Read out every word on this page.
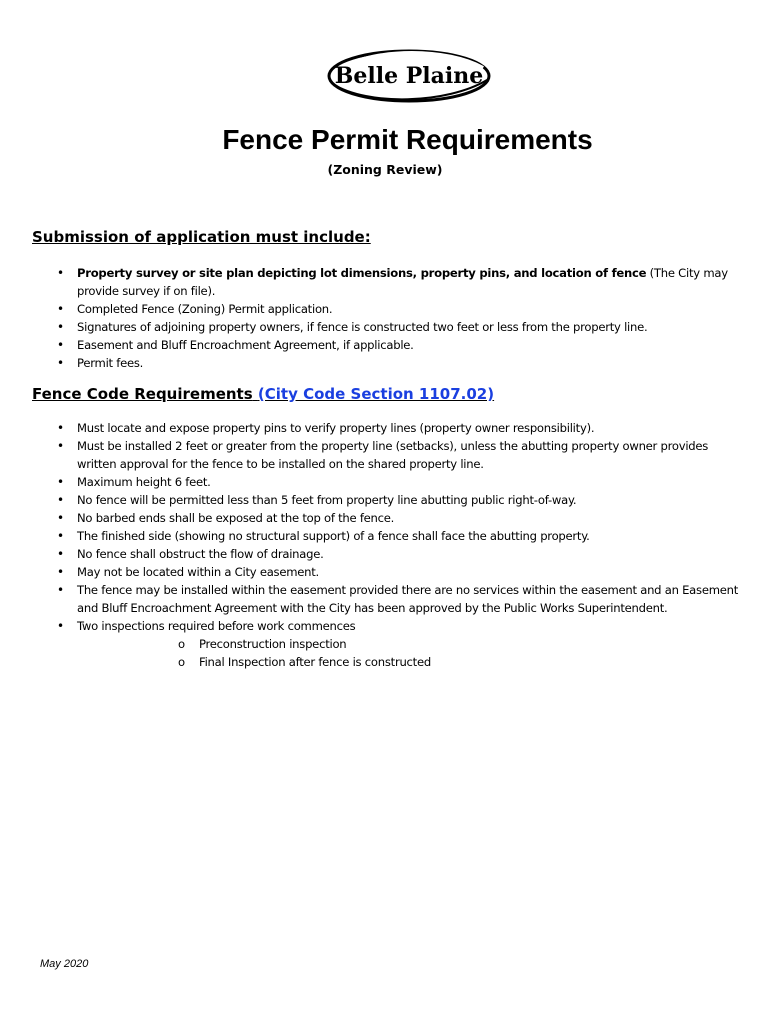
Belle Plaine
Fence Permit Requirements
(Zoning Review)
Submission of application must include:
• Property survey or site plan depicting lot dimensions, property pins, and location of fence (The City may provide survey if on file).
• Completed Fence (Zoning) Permit application.
• Signatures of adjoining property owners, if fence is constructed two feet or less from the property line.
• Easement and Bluff Encroachment Agreement, if applicable.
• Permit fees.
Fence Code Requirements (City Code Section 1107.02)
• Must locate and expose property pins to verify property lines (property owner responsibility).
• Must be installed 2 feet or greater from the property line (setbacks), unless the abutting property owner provides written approval for the fence to be installed on the shared property line.
• Maximum height 6 feet.
• No fence will be permitted less than 5 feet from property line abutting public right-of-way.
• No barbed ends shall be exposed at the top of the fence.
• The finished side (showing no structural support) of a fence shall face the abutting property.
• No fence shall obstruct the flow of drainage.
• May not be located within a City easement.
• The fence may be installed within the easement provided there are no services within the easement and an Easement and Bluff Encroachment Agreement with the City has been approved by the Public Works Superintendent.
• Two inspections required before work commences
o Preconstruction inspection
o Final Inspection after fence is constructed
May 2020
